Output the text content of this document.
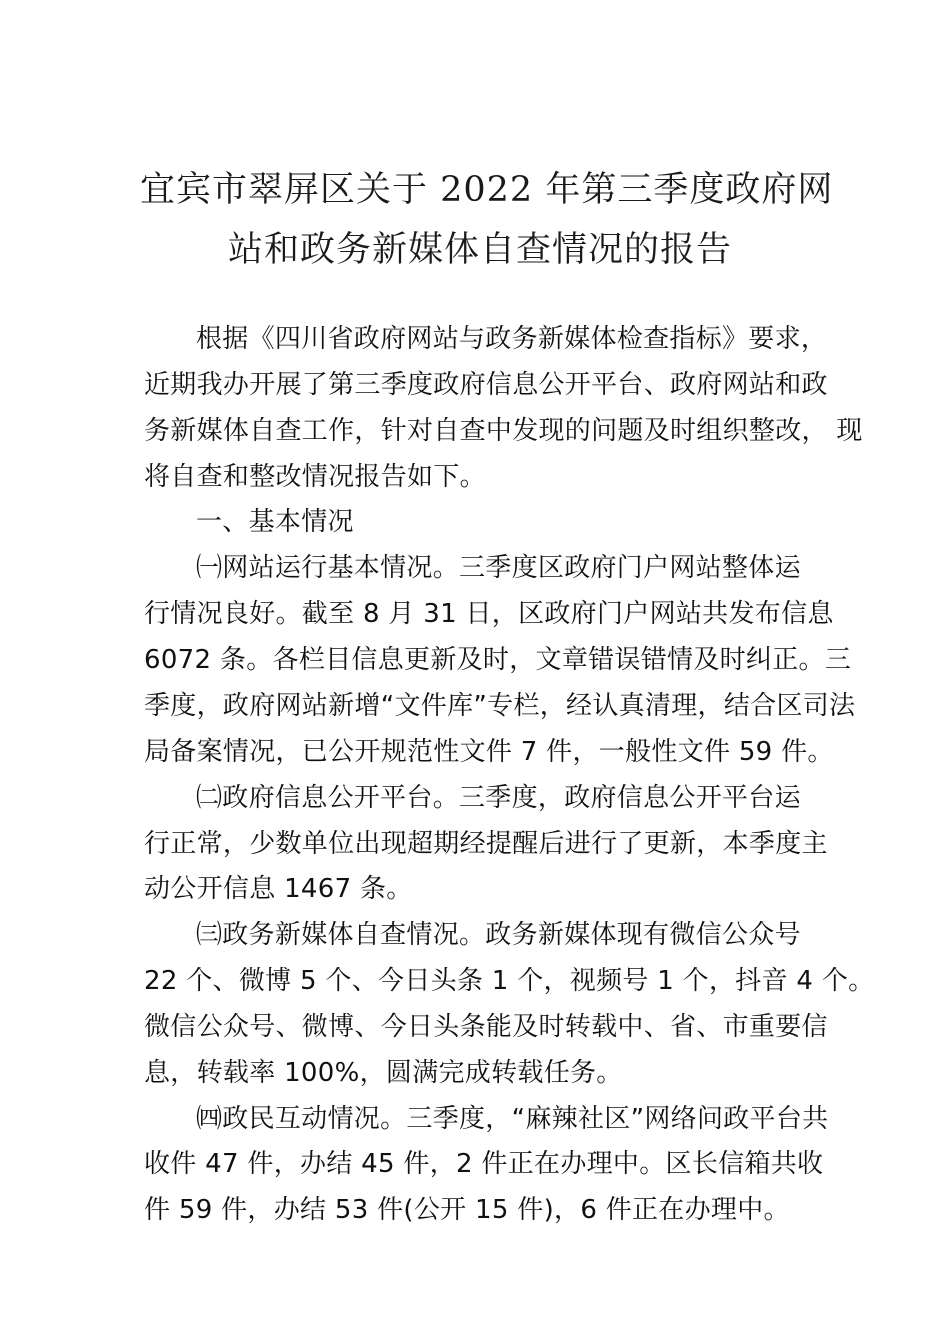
宜宾市翠屏区关于 2022 年第三季度政府网
站和政务新媒体自查情况的报告
根据《四川省政府网站与政务新媒体检查指标》要求，
近期我办开展了第三季度政府信息公开平台、政府网站和政
务新媒体自查工作，针对自查中发现的问题及时组织整改， 现
将自查和整改情况报告如下。
一、基本情况
㈠网站运行基本情况。三季度区政府门户网站整体运
行情况良好。截至 8 月 31 日，区政府门户网站共发布信息
6072 条。各栏目信息更新及时，文章错误错情及时纠正。三
季度，政府网站新增“文件库”专栏，经认真清理，结合区司法
局备案情况，已公开规范性文件 7 件，一般性文件 59 件。
㈡政府信息公开平台。三季度，政府信息公开平台运
行正常，少数单位出现超期经提醒后进行了更新，本季度主
动公开信息 1467 条。
㈢政务新媒体自查情况。政务新媒体现有微信公众号
22 个、微博 5 个、今日头条 1 个，视频号 1 个，抖音 4 个。
微信公众号、微博、今日头条能及时转载中、省、市重要信
息，转载率 100%，圆满完成转载任务。
㈣政民互动情况。三季度，“麻辣社区”网络问政平台共
收件 47 件，办结 45 件，2 件正在办理中。区长信箱共收
件 59 件，办结 53 件(公开 15 件)，6 件正在办理中。
